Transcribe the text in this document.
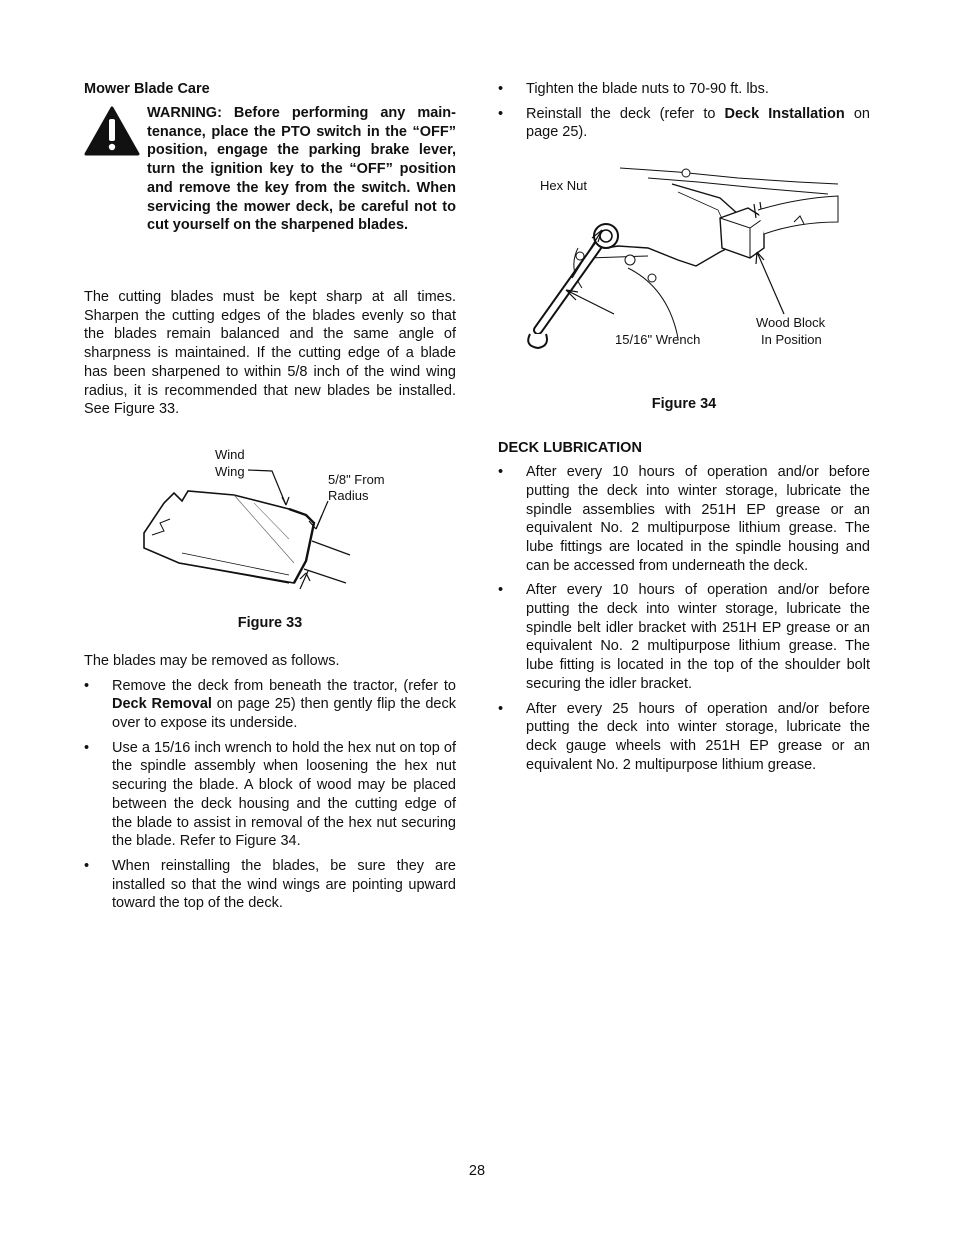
Mower Blade Care
WARNING: Before performing any main-tenance, place the PTO switch in the “OFF” position, engage the parking brake lever, turn the ignition key to the “OFF” position and remove the key from the switch. When servicing the mower deck, be careful not to cut yourself on the sharpened blades.

The cutting blades must be kept sharp at all times. Sharpen the cutting edges of the blades evenly so that the blades remain balanced and the same angle of sharpness is maintained. If the cutting edge of a blade has been sharpened to within 5/8 inch of the wind wing radius, it is recommended that new blades be installed. See Figure 33.

Wind
Wing
5/8" From
Radius
Figure 33

The blades may be removed as follows.

• Remove the deck from beneath the tractor, (refer to Deck Removal on page 25) then gently flip the deck over to expose its underside.
• Use a 15/16 inch wrench to hold the hex nut on top of the spindle assembly when loosening the hex nut securing the blade. A block of wood may be placed between the deck housing and the cutting edge of the blade to assist in removal of the hex nut securing the blade. Refer to Figure 34.
• When reinstalling the blades, be sure they are installed so that the wind wings are pointing upward toward the top of the deck.
• Tighten the blade nuts to 70-90 ft. lbs.
• Reinstall the deck (refer to Deck Installation on page 25).
Hex Nut
15/16" Wrench
Wood Block
In Position
Figure 34
DECK LUBRICATION
• After every 10 hours of operation and/or before putting the deck into winter storage, lubricate the spindle assemblies with 251H EP grease or an equivalent No. 2 multipurpose lithium grease. The lube fittings are located in the spindle housing and can be accessed from underneath the deck.
• After every 10 hours of operation and/or before putting the deck into winter storage, lubricate the spindle belt idler bracket with 251H EP grease or an equivalent No. 2 multipurpose lithium grease. The lube fitting is located in the top of the shoulder bolt securing the idler bracket.
• After every 25 hours of operation and/or before putting the deck into winter storage, lubricate the deck gauge wheels with 251H EP grease or an equivalent No. 2 multipurpose lithium grease.
28
